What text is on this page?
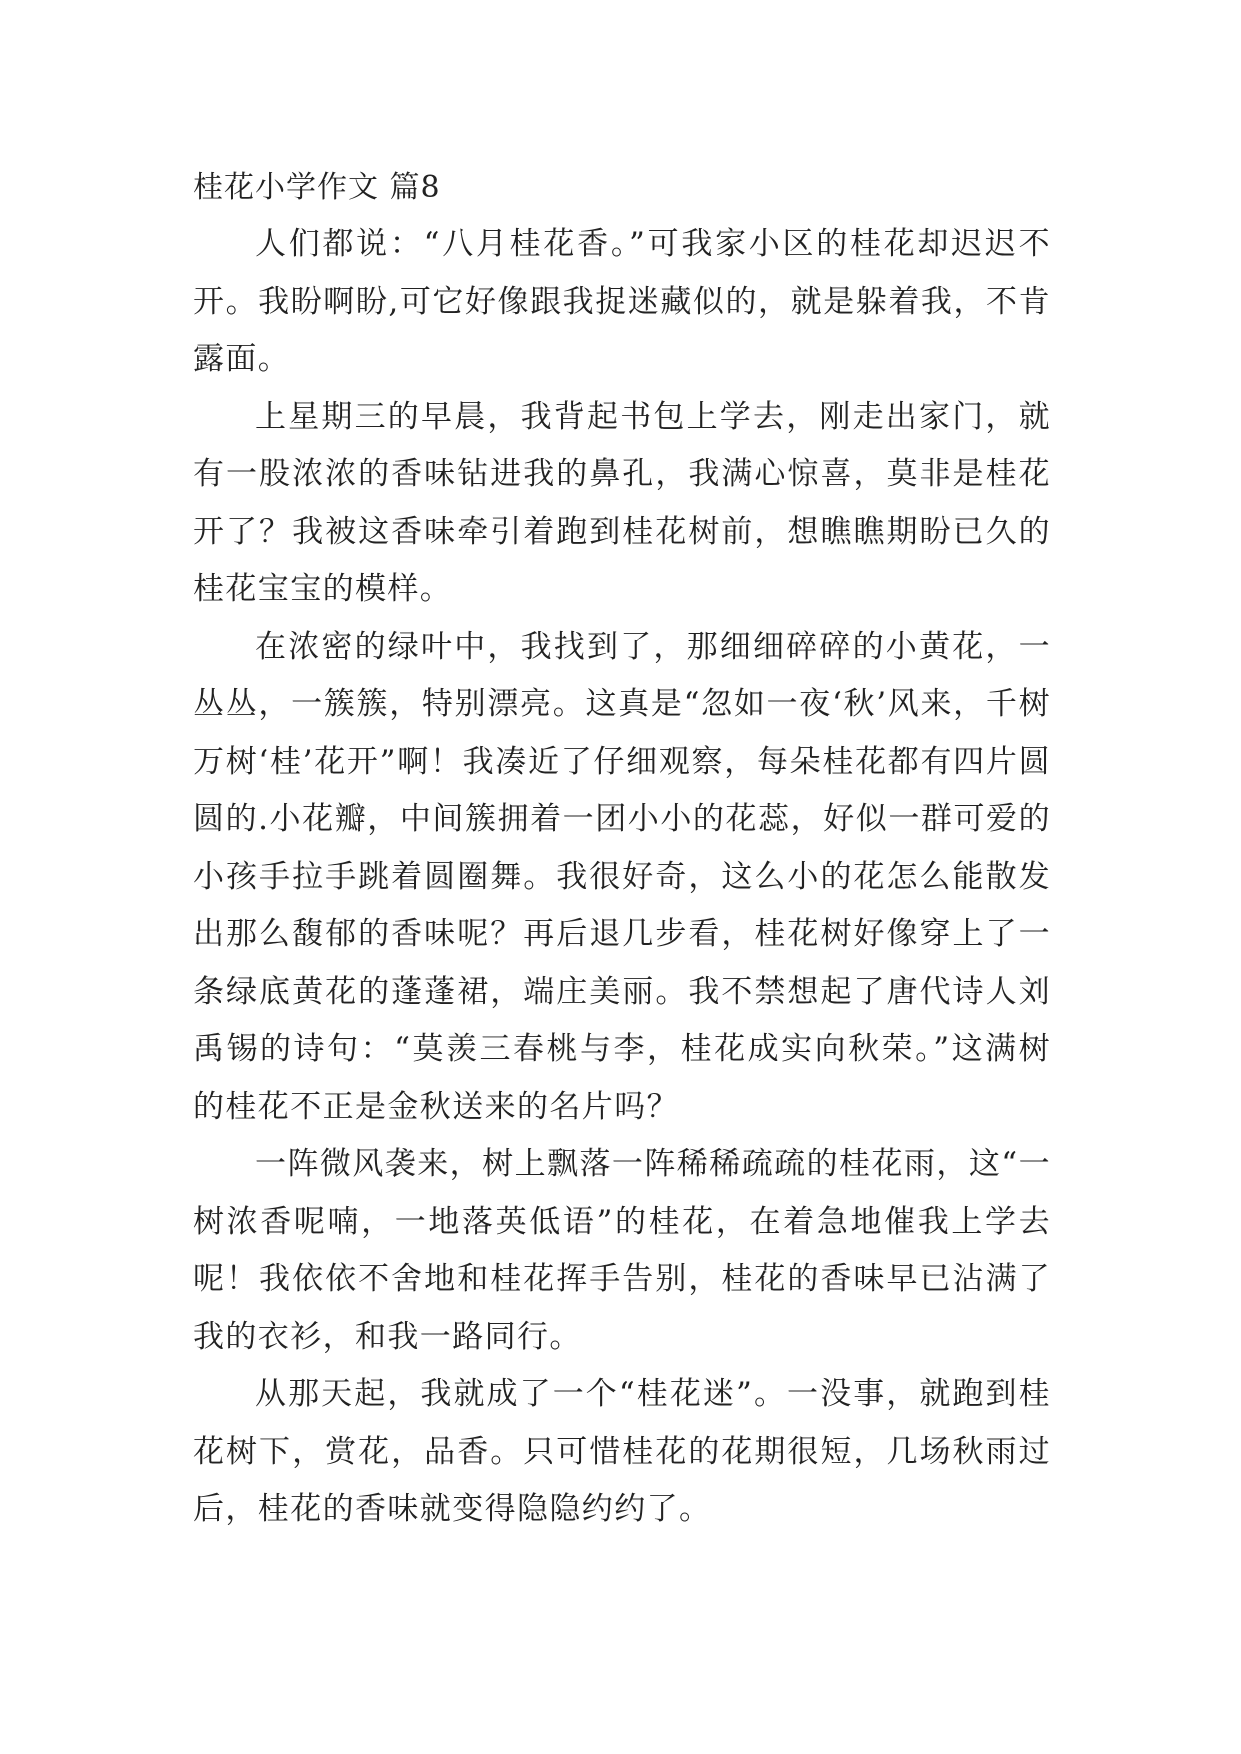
桂花小学作文 篇8

人们都说：“八月桂花香。”可我家小区的桂花却迟迟不开。我盼啊盼,可它好像跟我捉迷藏似的，就是躲着我，不肯露面。

上星期三的早晨，我背起书包上学去，刚走出家门，就有一股浓浓的香味钻进我的鼻孔，我满心惊喜，莫非是桂花开了？我被这香味牵引着跑到桂花树前，想瞧瞧期盼已久的桂花宝宝的模样。

在浓密的绿叶中，我找到了，那细细碎碎的小黄花，一丛丛，一簇簇，特别漂亮。这真是“忽如一夜‘秋’风来，千树万树‘桂’花开”啊！我凑近了仔细观察，每朵桂花都有四片圆圆的.小花瓣，中间簇拥着一团小小的花蕊，好似一群可爱的小孩手拉手跳着圆圈舞。我很好奇，这么小的花怎么能散发出那么馥郁的香味呢？再后退几步看，桂花树好像穿上了一条绿底黄花的蓬蓬裙，端庄美丽。我不禁想起了唐代诗人刘禹锡的诗句：“莫羡三春桃与李，桂花成实向秋荣。”这满树的桂花不正是金秋送来的名片吗？

一阵微风袭来，树上飘落一阵稀稀疏疏的桂花雨，这“一树浓香呢喃，一地落英低语”的桂花，在着急地催我上学去呢！我依依不舍地和桂花挥手告别，桂花的香味早已沾满了我的衣衫，和我一路同行。

从那天起，我就成了一个“桂花迷”。一没事，就跑到桂花树下，赏花，品香。只可惜桂花的花期很短，几场秋雨过后，桂花的香味就变得隐隐约约了。
